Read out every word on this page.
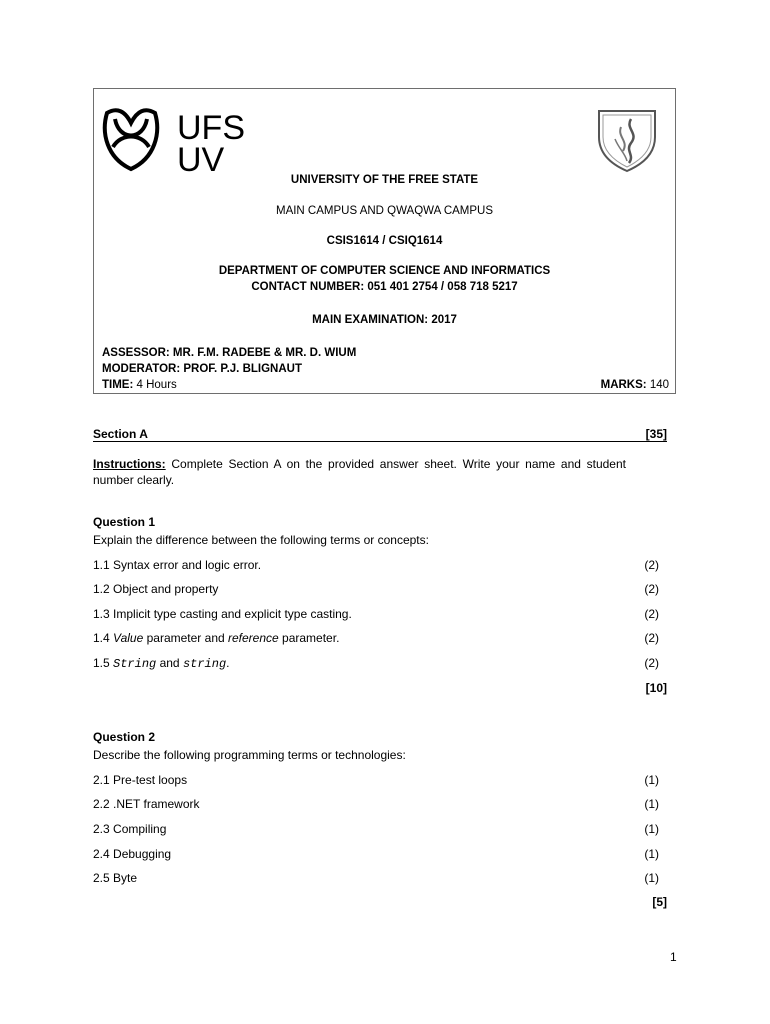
UFS
UV
UNIVERSITY OF THE FREE STATE
MAIN CAMPUS AND QWAQWA CAMPUS
CSIS1614 / CSIQ1614
DEPARTMENT OF COMPUTER SCIENCE AND INFORMATICS
CONTACT NUMBER: 051 401 2754 / 058 718 5217
MAIN EXAMINATION: 2017
ASSESSOR: MR. F.M. RADEBE & MR. D. WIUM
MODERATOR: PROF. P.J. BLIGNAUT
TIME: 4 Hours	MARKS: 140
Section A	[35]
Instructions: Complete Section A on the provided answer sheet. Write your name and student number clearly.
Question 1
Explain the difference between the following terms or concepts:
1.1 Syntax error and logic error.	(2)
1.2 Object and property	(2)
1.3 Implicit type casting and explicit type casting.	(2)
1.4 Value parameter and reference parameter.	(2)
1.5 String and string.	(2)
[10]
Question 2
Describe the following programming terms or technologies:
2.1 Pre-test loops	(1)
2.2 .NET framework	(1)
2.3 Compiling	(1)
2.4 Debugging	(1)
2.5 Byte	(1)
[5]
1
